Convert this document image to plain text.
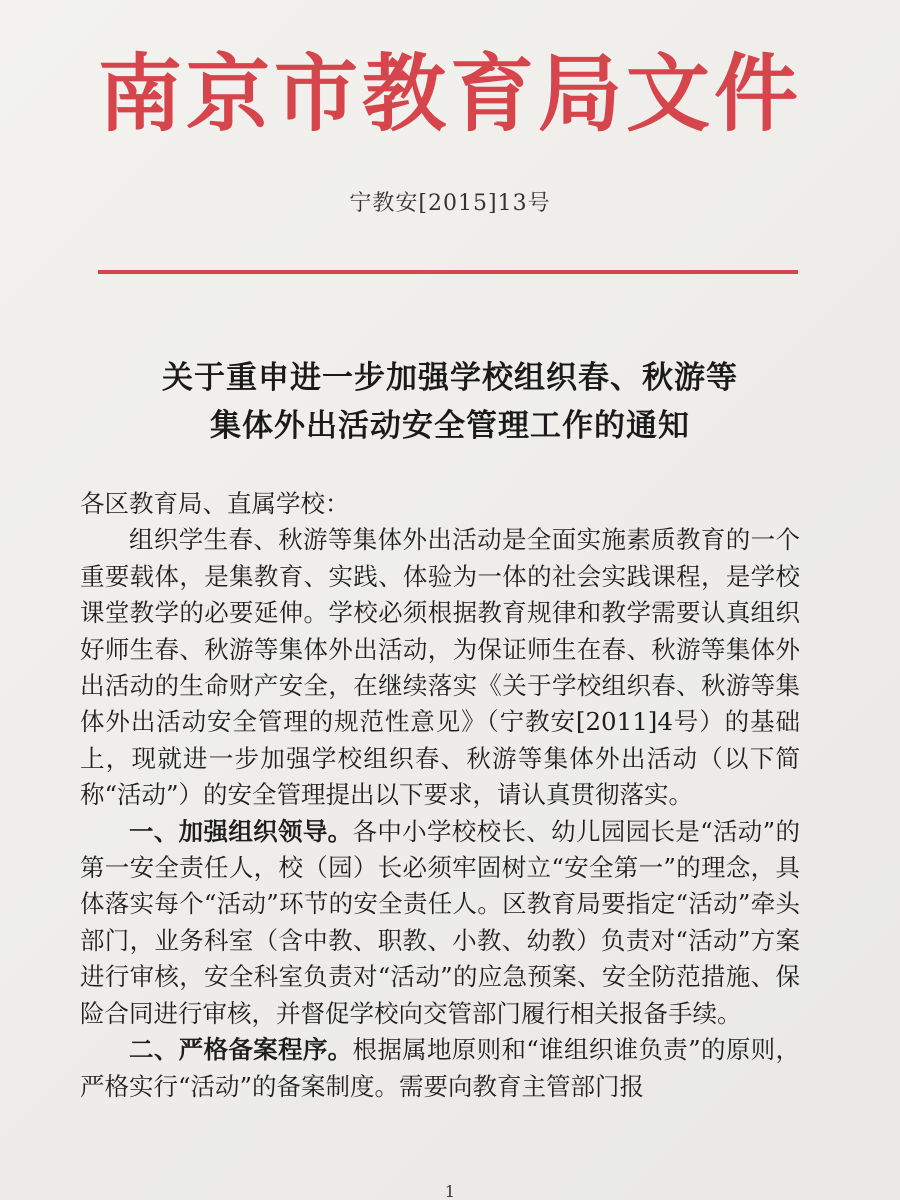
南京市教育局文件
宁教安[2015]13号
关于重申进一步加强学校组织春、秋游等
集体外出活动安全管理工作的通知

各区教育局、直属学校：

组织学生春、秋游等集体外出活动是全面实施素质教育的一个重要载体，是集教育、实践、体验为一体的社会实践课程，是学校课堂教学的必要延伸。学校必须根据教育规律和教学需要认真组织好师生春、秋游等集体外出活动，为保证师生在春、秋游等集体外出活动的生命财产安全，在继续落实《关于学校组织春、秋游等集体外出活动安全管理的规范性意见》（宁教安[2011]4号）的基础上，现就进一步加强学校组织春、秋游等集体外出活动（以下简称“活动”）的安全管理提出以下要求，请认真贯彻落实。

一、加强组织领导。各中小学校校长、幼儿园园长是“活动”的第一安全责任人，校（园）长必须牢固树立“安全第一”的理念，具体落实每个“活动”环节的安全责任人。区教育局要指定“活动”牵头部门，业务科室（含中教、职教、小教、幼教）负责对“活动”方案进行审核，安全科室负责对“活动”的应急预案、安全防范措施、保险合同进行审核，并督促学校向交管部门履行相关报备手续。

二、严格备案程序。根据属地原则和“谁组织谁负责”的原则，严格实行“活动”的备案制度。需要向教育主管部门报

1
